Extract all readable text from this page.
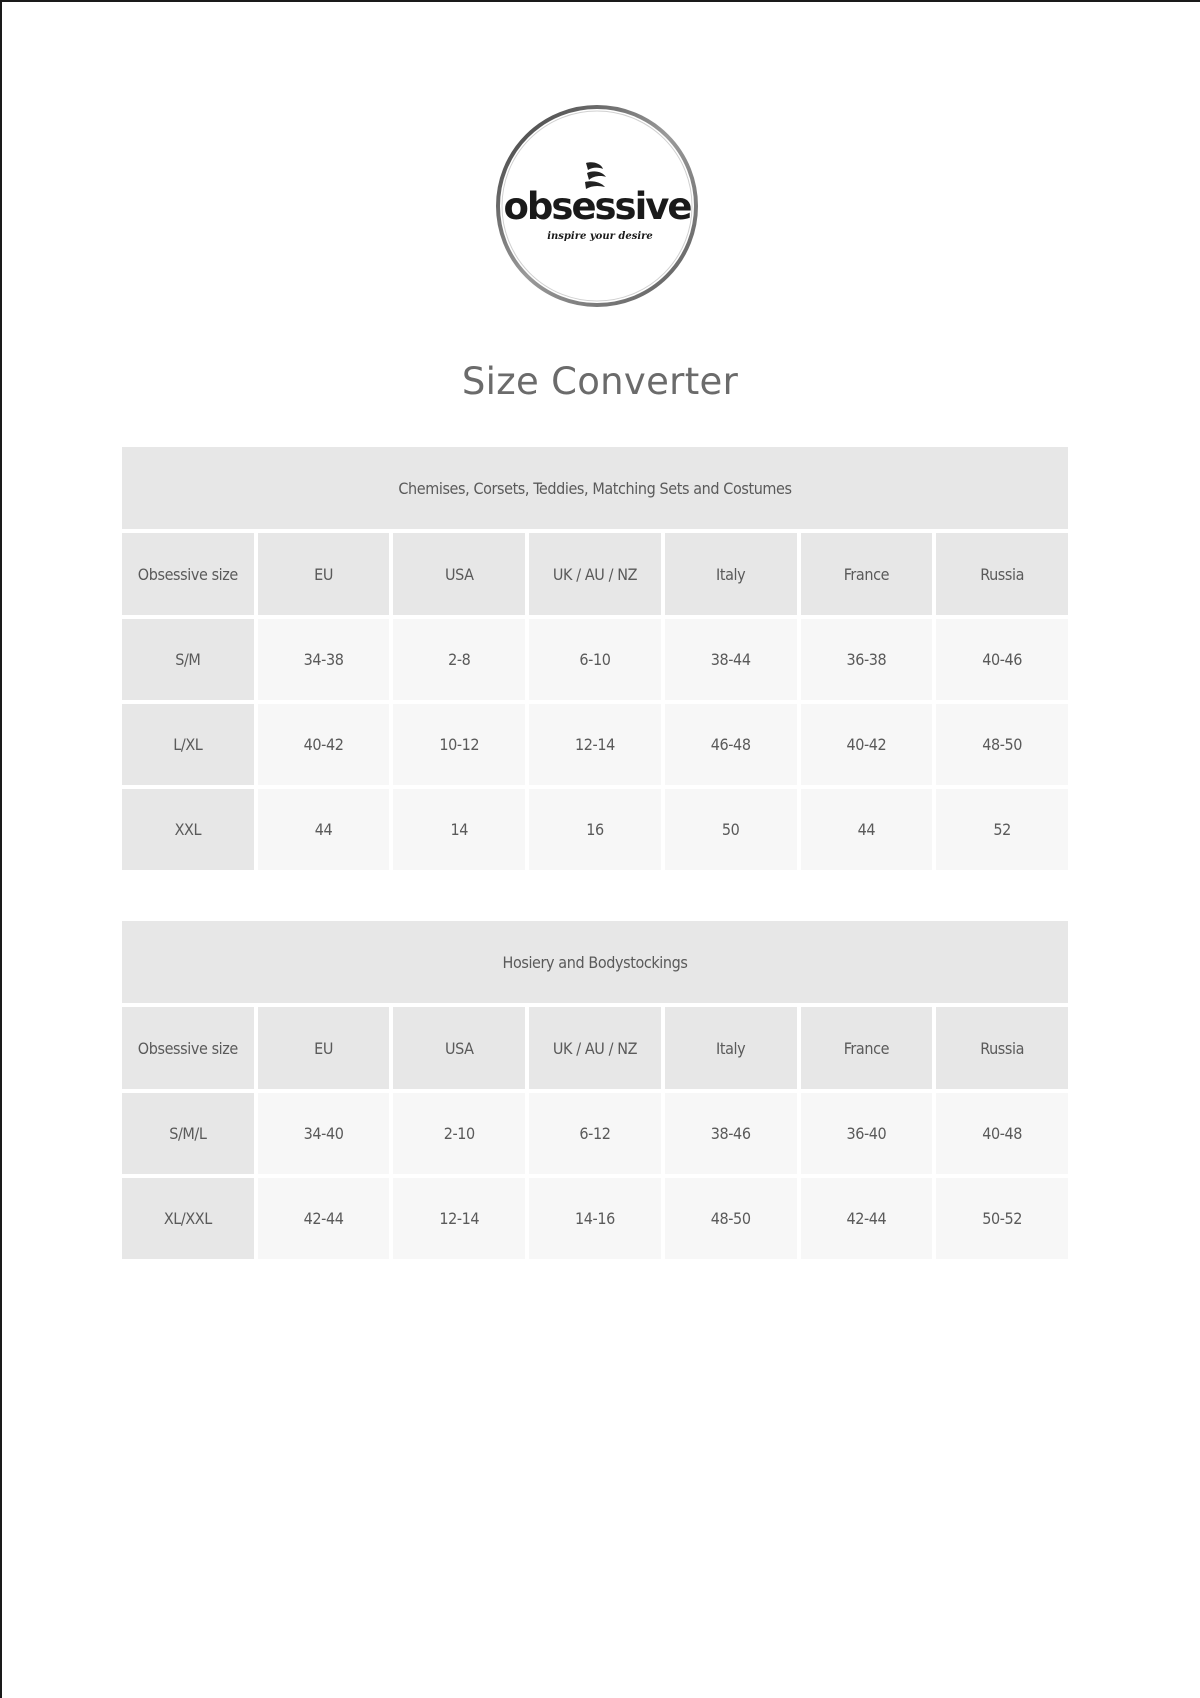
obsessive
inspire your desire
Size Converter
Chemises, Corsets, Teddies, Matching Sets and Costumes						
Obsessive size	EU	USA	UK / AU / NZ	Italy	France	Russia
S/M	34-38	2-8	6-10	38-44	36-38	40-46
L/XL	40-42	10-12	12-14	46-48	40-42	48-50
XXL	44	14	16	50	44	52
Hosiery and Bodystockings						
Obsessive size	EU	USA	UK / AU / NZ	Italy	France	Russia
S/M/L	34-40	2-10	6-12	38-46	36-40	40-48
XL/XXL	42-44	12-14	14-16	48-50	42-44	50-52
